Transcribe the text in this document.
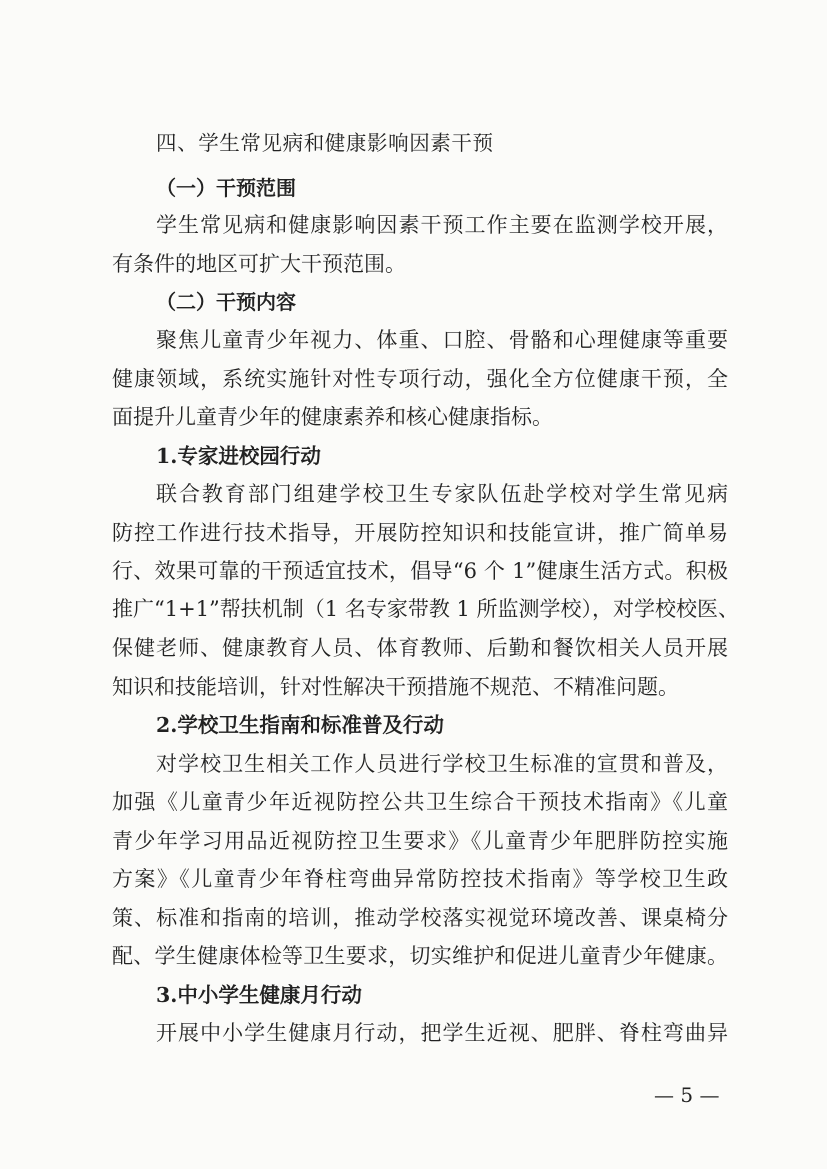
四、学生常见病和健康影响因素干预
（一）干预范围
学生常见病和健康影响因素干预工作主要在监测学校开展，
有条件的地区可扩大干预范围。
（二）干预内容
聚焦儿童青少年视力、体重、口腔、骨骼和心理健康等重要
健康领域，系统实施针对性专项行动，强化全方位健康干预，全
面提升儿童青少年的健康素养和核心健康指标。
1.专家进校园行动
联合教育部门组建学校卫生专家队伍赴学校对学生常见病
防控工作进行技术指导，开展防控知识和技能宣讲，推广简单易
行、效果可靠的干预适宜技术，倡导“6 个 1”健康生活方式。积极
推广“1+1”帮扶机制（1 名专家带教 1 所监测学校），对学校校医、
保健老师、健康教育人员、体育教师、后勤和餐饮相关人员开展
知识和技能培训，针对性解决干预措施不规范、不精准问题。
2.学校卫生指南和标准普及行动
对学校卫生相关工作人员进行学校卫生标准的宣贯和普及，
加强《儿童青少年近视防控公共卫生综合干预技术指南》《儿童
青少年学习用品近视防控卫生要求》《儿童青少年肥胖防控实施
方案》《儿童青少年脊柱弯曲异常防控技术指南》等学校卫生政
策、标准和指南的培训，推动学校落实视觉环境改善、课桌椅分
配、学生健康体检等卫生要求，切实维护和促进儿童青少年健康。
3.中小学生健康月行动
开展中小学生健康月行动，把学生近视、肥胖、脊柱弯曲异
— 5 —
